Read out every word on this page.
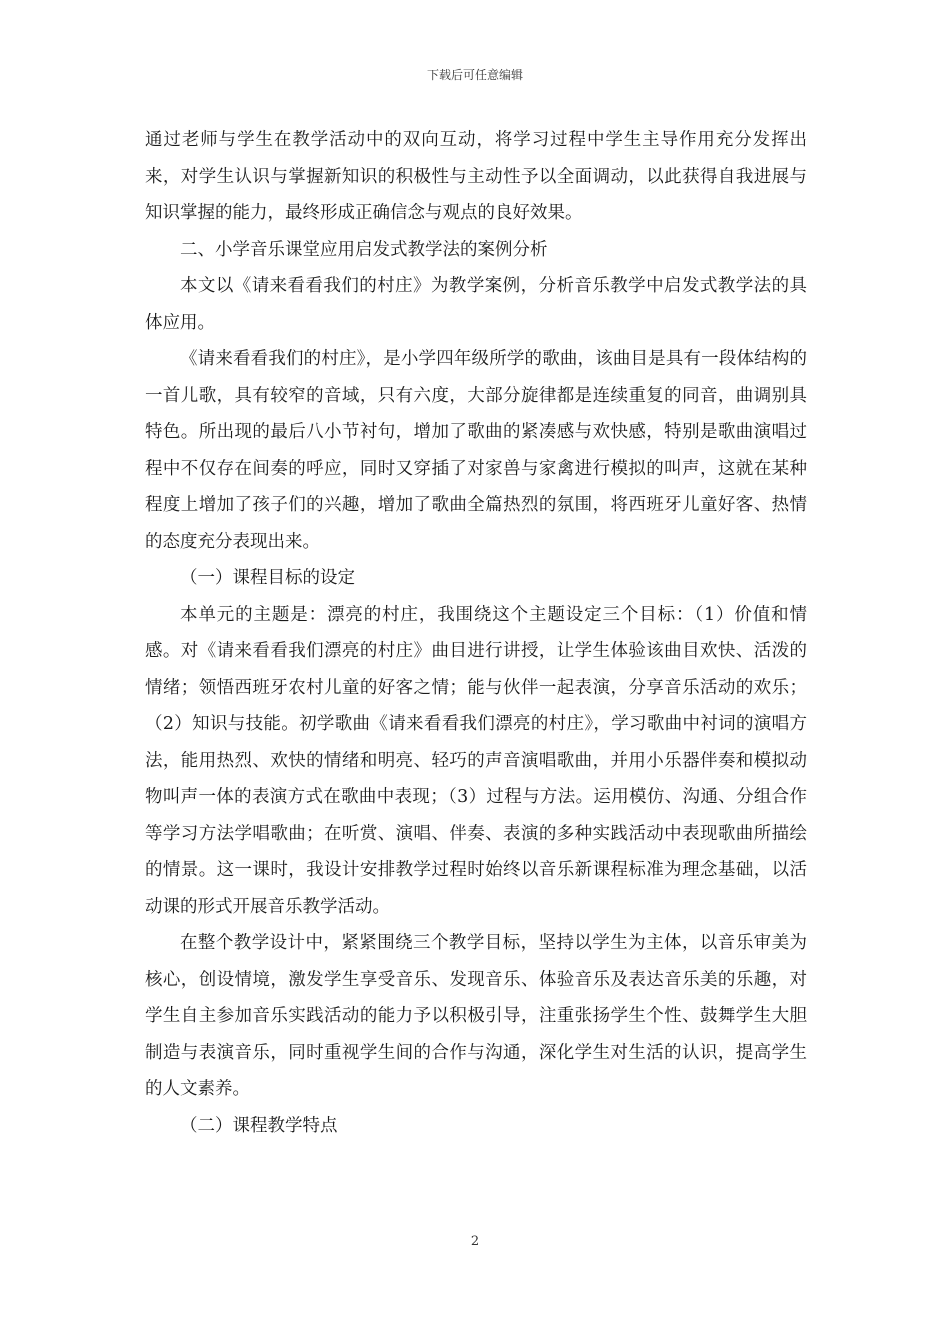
下载后可任意编辑

通过老师与学生在教学活动中的双向互动，将学习过程中学生主导作用充分发挥出来，对学生认识与掌握新知识的积极性与主动性予以全面调动，以此获得自我进展与知识掌握的能力，最终形成正确信念与观点的良好效果。

二、小学音乐课堂应用启发式教学法的案例分析

本文以《请来看看我们的村庄》为教学案例，分析音乐教学中启发式教学法的具体应用。

《请来看看我们的村庄》，是小学四年级所学的歌曲，该曲目是具有一段体结构的一首儿歌，具有较窄的音域，只有六度，大部分旋律都是连续重复的同音，曲调别具特色。所出现的最后八小节衬句，增加了歌曲的紧凑感与欢快感，特别是歌曲演唱过程中不仅存在间奏的呼应，同时又穿插了对家兽与家禽进行模拟的叫声，这就在某种程度上增加了孩子们的兴趣，增加了歌曲全篇热烈的氛围，将西班牙儿童好客、热情的态度充分表现出来。

（一）课程目标的设定

本单元的主题是：漂亮的村庄，我围绕这个主题设定三个目标：（1）价值和情感。对《请来看看我们漂亮的村庄》曲目进行讲授，让学生体验该曲目欢快、活泼的情绪；领悟西班牙农村儿童的好客之情；能与伙伴一起表演，分享音乐活动的欢乐；（2）知识与技能。初学歌曲《请来看看我们漂亮的村庄》，学习歌曲中衬词的演唱方法，能用热烈、欢快的情绪和明亮、轻巧的声音演唱歌曲，并用小乐器伴奏和模拟动物叫声一体的表演方式在歌曲中表现；（3）过程与方法。运用模仿、沟通、分组合作等学习方法学唱歌曲；在听赏、演唱、伴奏、表演的多种实践活动中表现歌曲所描绘的情景。这一课时，我设计安排教学过程时始终以音乐新课程标准为理念基础，以活动课的形式开展音乐教学活动。

在整个教学设计中，紧紧围绕三个教学目标，坚持以学生为主体，以音乐审美为核心，创设情境，激发学生享受音乐、发现音乐、体验音乐及表达音乐美的乐趣，对学生自主参加音乐实践活动的能力予以积极引导，注重张扬学生个性、鼓舞学生大胆制造与表演音乐，同时重视学生间的合作与沟通，深化学生对生活的认识，提高学生的人文素养。

（二）课程教学特点

2
